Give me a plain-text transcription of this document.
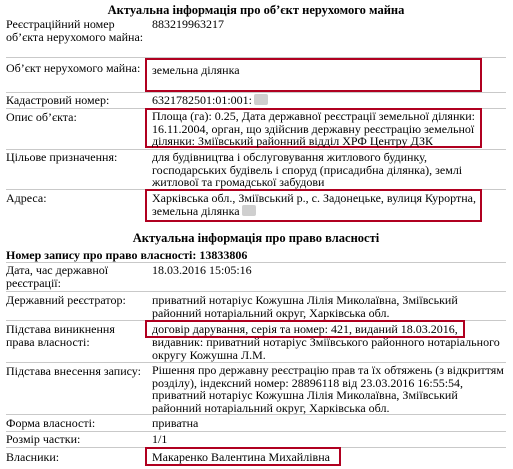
Актуальна інформація про об’єкт нерухомого майна
Реєстраційний номер об’єкта нерухомого майна:
883219963217
Об’єкт нерухомого майна: земельна ділянка
Кадастровий номер:	6321782501:01:001:
Опис об’єкта:	Площа (га): 0.25, Дата державної реєстрації земельної ділянки: 16.11.2004, орган, що здійснив державну реєстрацію земельної ділянки: Зміївський районний відділ ХРФ Центру ДЗК
Цільове призначення:	для будівництва і обслуговування житлового будинку, господарських будівель і споруд (присадибна ділянка), землі житлової та громадської забудови
Адреса:	Харківська обл., Зміївський р., с. Задонецьке, вулиця Курортна, земельна ділянка
Актуальна інформація про право власності
Номер запису про право власності: 13833806
Дата, час державної реєстрації:
18.03.2016 15:05:16
Державний реєстратор:	приватний нотаріус Кожушна Лілія Миколаївна, Зміївський районний нотаріальний округ, Харківська обл.
Підстава виникнення права власності:
договір дарування, серія та номер: 421, виданий 18.03.2016,
видавник: приватний нотаріус Зміївського районного нотаріального округу Кожушна Л.М.
Підстава внесення запису: Рішення про державну реєстрацію прав та їх обтяжень (з відкриттям розділу), індексний номер: 28896118 від 23.03.2016 16:55:54, приватний нотаріус Кожушна Лілія Миколаївна, Зміївський районний нотаріальний округ, Харківська обл.
Форма власності:	приватна
Розмір частки:	1/1
Власники:	Макаренко Валентина Михайлівна
